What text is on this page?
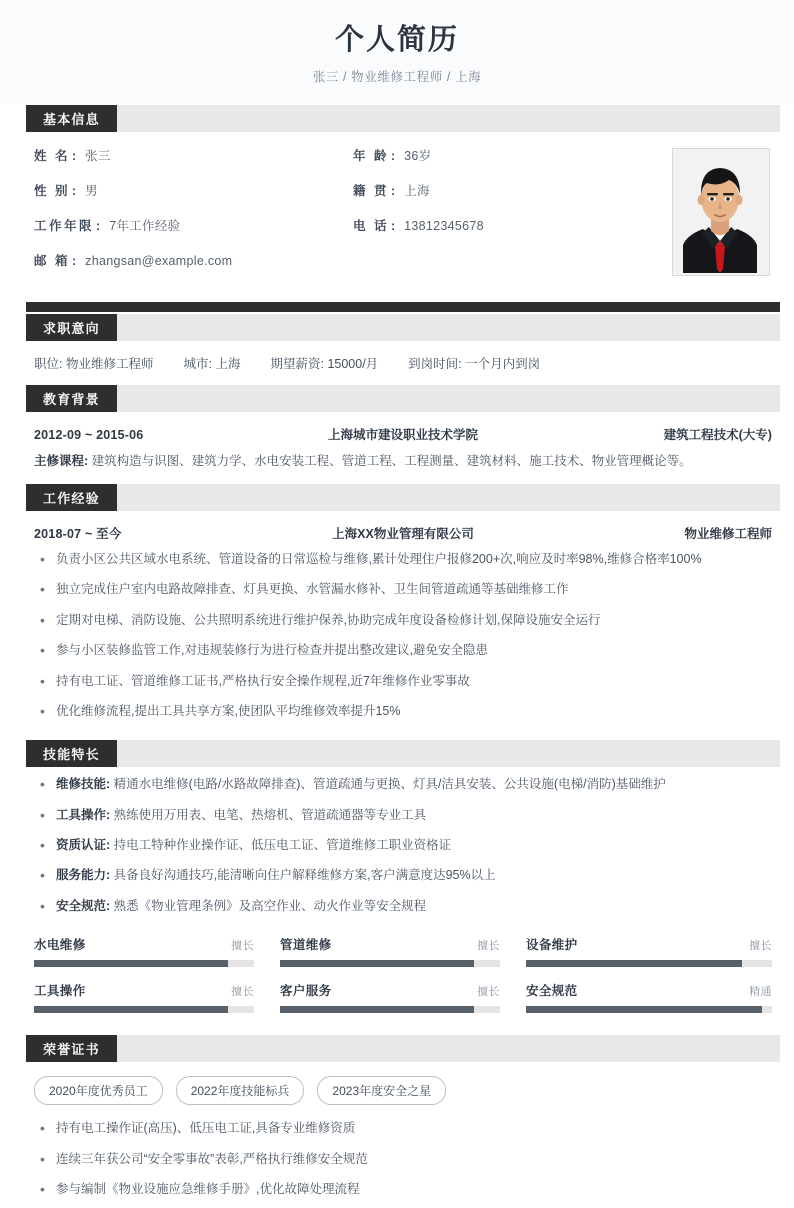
个人简历
张三 / 物业维修工程师 / 上海
基本信息
姓 名 : 张三	年 龄 : 36岁
性 别 : 男	籍 贯 : 上海
工作年限 : 7年工作经验	电 话 : 13812345678
邮 箱 : zhangsan@example.com
求职意向
职位: 物业维修工程师 城市: 上海 期望薪资: 15000/月 到岗时间: 一个月内到岗
教育背景
2012-09 ~ 2015-06	上海城市建设职业技术学院	建筑工程技术(大专)
主修课程: 建筑构造与识图、建筑力学、水电安装工程、管道工程、工程测量、建筑材料、施工技术、物业管理概论等。
工作经验
2018-07 ~ 至今	上海XX物业管理有限公司	物业维修工程师
• 负责小区公共区域水电系统、管道设备的日常巡检与维修,累计处理住户报修200+次,响应及时率98%,维修合格率100%
• 独立完成住户室内电路故障排查、灯具更换、水管漏水修补、卫生间管道疏通等基础维修工作
• 定期对电梯、消防设施、公共照明系统进行维护保养,协助完成年度设备检修计划,保障设施安全运行
• 参与小区装修监管工作,对违规装修行为进行检查并提出整改建议,避免安全隐患
• 持有电工证、管道维修工证书,严格执行安全操作规程,近7年维修作业零事故
• 优化维修流程,提出工具共享方案,使团队平均维修效率提升15%
技能特长
• 维修技能: 精通水电维修(电路/水路故障排查)、管道疏通与更换、灯具/洁具安装、公共设施(电梯/消防)基础维护
• 工具操作: 熟练使用万用表、电笔、热熔机、管道疏通器等专业工具
• 资质认证: 持电工特种作业操作证、低压电工证、管道维修工职业资格证
• 服务能力: 具备良好沟通技巧,能清晰向住户解释维修方案,客户满意度达95%以上
• 安全规范: 熟悉《物业管理条例》及高空作业、动火作业等安全规程
水电维修	擅长 管道维修	擅长 设备维护	擅长
工具操作	擅长 客户服务	擅长 安全规范	精通
荣誉证书
2020年度优秀员工	2022年度技能标兵	2023年度安全之星
• 持有电工操作证(高压)、低压电工证,具备专业维修资质
• 连续三年获公司“安全零事故”表彰,严格执行维修安全规范
• 参与编制《物业设施应急维修手册》,优化故障处理流程
